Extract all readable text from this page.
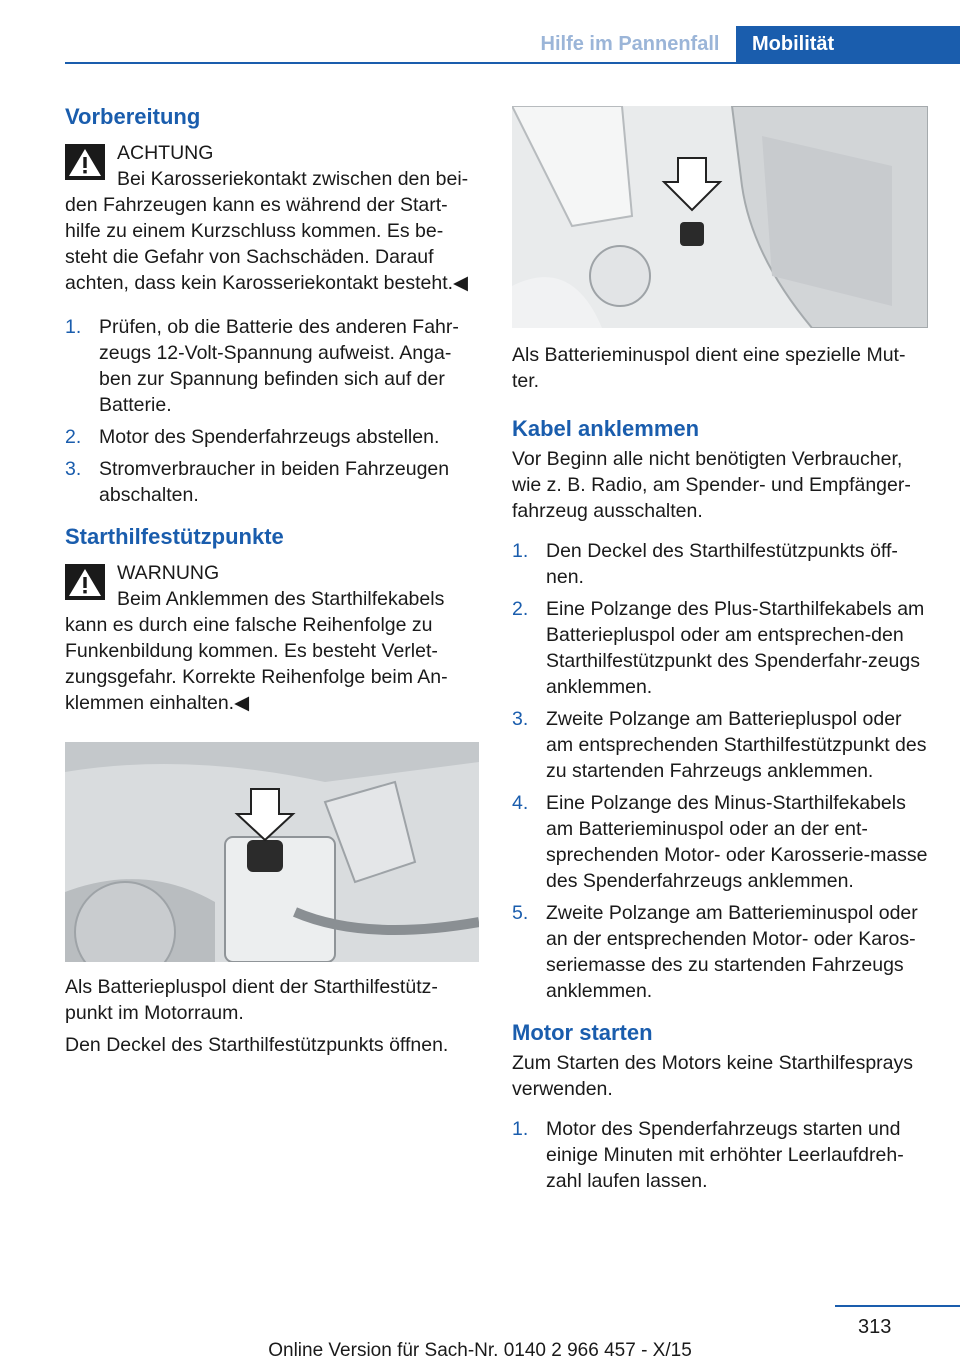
Hilfe im Pannenfall	Mobilität
Vorbereitung
ACHTUNG
Bei Karosseriekontakt zwischen den bei-den Fahrzeugen kann es während der Start-hilfe zu einem Kurzschluss kommen. Es be-steht die Gefahr von Sachschäden. Darauf achten, dass kein Karosseriekontakt besteht.◀
1. Prüfen, ob die Batterie des anderen Fahr-zeugs 12-Volt-Spannung aufweist. Anga-ben zur Spannung befinden sich auf der Batterie.
2. Motor des Spenderfahrzeugs abstellen.
3. Stromverbraucher in beiden Fahrzeugen abschalten.
Starthilfestützpunkte
WARNUNG
Beim Anklemmen des Starthilfekabels kann es durch eine falsche Reihenfolge zu Funkenbildung kommen. Es besteht Verlet-zungsgefahr. Korrekte Reihenfolge beim An-klemmen einhalten.◀

Als Batteriepluspol dient der Starthilfestütz-punkt im Motorraum.

Den Deckel des Starthilfestützpunkts öffnen.

Als Batterieminuspol dient eine spezielle Mut-ter.

Kabel anklemmen

Vor Beginn alle nicht benötigten Verbraucher, wie z. B. Radio, am Spender- und Empfänger-fahrzeug ausschalten.

1. Den Deckel des Starthilfestützpunkts öff-nen.
2. Eine Polzange des Plus-Starthilfekabels am Batteriepluspol oder am entsprechen-den Starthilfestützpunkt des Spenderfahr-zeugs anklemmen.
3. Zweite Polzange am Batteriepluspol oder am entsprechenden Starthilfestützpunkt des zu startenden Fahrzeugs anklemmen.
4. Eine Polzange des Minus-Starthilfekabels am Batterieminuspol oder an der ent-sprechenden Motor- oder Karosserie-masse des Spenderfahrzeugs anklemmen.
5. Zweite Polzange am Batterieminuspol oder an der entsprechenden Motor- oder Karos-seriemasse des zu startenden Fahrzeugs anklemmen.
Motor starten

Zum Starten des Motors keine Starthilfesprays verwenden.

1. Motor des Spenderfahrzeugs starten und einige Minuten mit erhöhter Leerlaufdreh-zahl laufen lassen.
313
Online Version für Sach-Nr. 0140 2 966 457 - X/15
